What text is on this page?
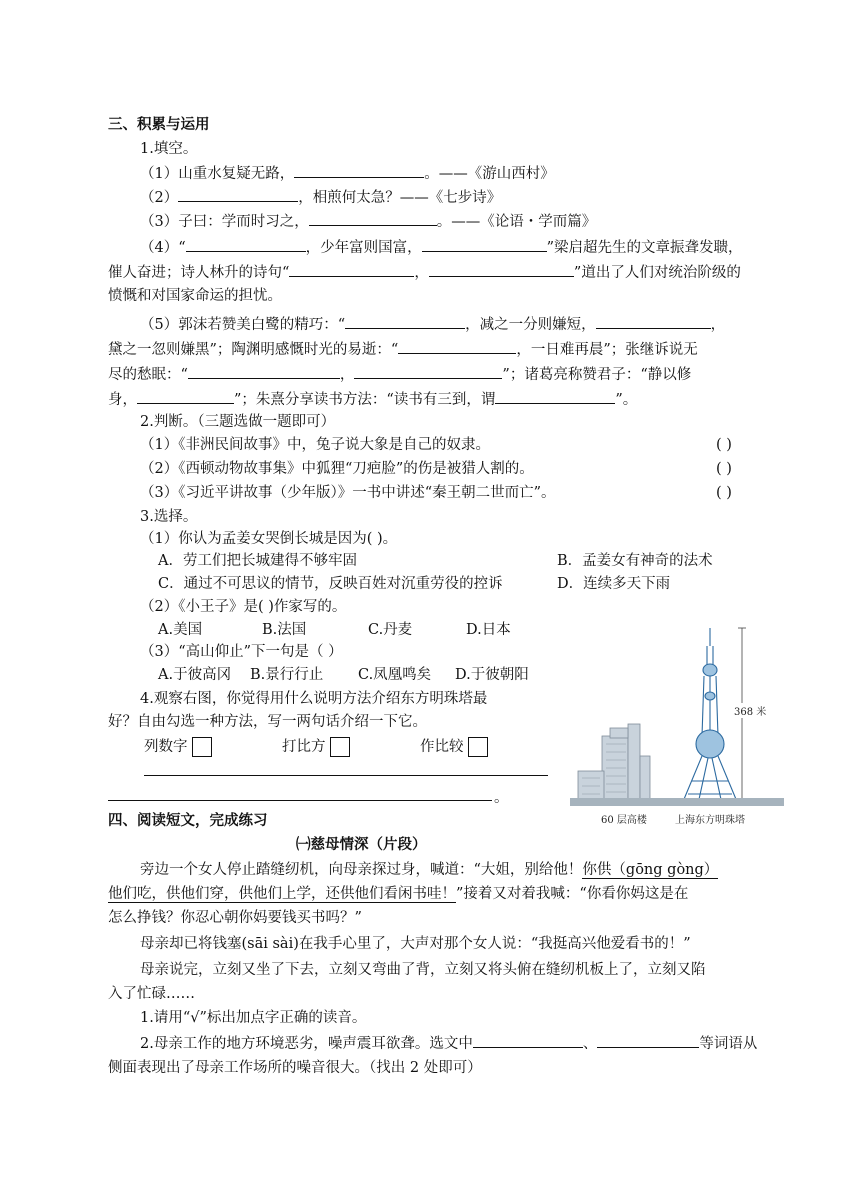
三、积累与运用
1.填空。
（1）山重水复疑无路，	。——《游山西村》
（2）	，相煎何太急？——《七步诗》
（3）子曰：学而时习之，	。——《论语・学而篇》
（4）“	，少年富则国富，	”梁启超先生的文章振聋发聩，
催人奋进；诗人林升的诗句“	，	”道出了人们对统治阶级的
愤慨和对国家命运的担忧。
（5）郭沫若赞美白鹭的精巧：“	，减之一分则嫌短，	，
黛之一忽则嫌黑”；陶渊明感慨时光的易逝：“	，一日难再晨”；张继诉说无
尽的愁眠：“	，	”；诸葛亮称赞君子：“静以修
身，	”；朱熹分享读书方法：“读书有三到，谓	”。
2.判断。（三题选做一题即可）
（1）《非洲民间故事》中，兔子说大象是自己的奴隶。	( )
（2）《西顿动物故事集》中狐狸“刀疤脸”的伤是被猎人割的。	( )
（3）《习近平讲故事（少年版）》一书中讲述“秦王朝二世而亡”。	( )
3.选择。
（1）你认为孟姜女哭倒长城是因为( )。
A．劳工们把长城建得不够牢固	B．孟姜女有神奇的法术
C．通过不可思议的情节，反映百姓对沉重劳役的控诉	D．连续多天下雨
（2）《小王子》是( )作家写的。
A.美国	B.法国	C.丹麦	D.日本
（3）“高山仰止”下一句是（ ）
A.于彼高冈 B.景行行止 C.凤凰鸣矣 D.于彼朝阳
4.观察右图，你觉得用什么说明方法介绍东方明珠塔最
好？自由勾选一种方法，写一两句话介绍一下它。
列数字	打比方	作比较
。
368 米
60 层高楼	上海东方明珠塔
四、阅读短文，完成练习
㈠慈母情深（片段）
旁边一个女人停止踏缝纫机，向母亲探过身，喊道：“大姐，别给他！你供（gōng gòng）
他们吃，供他们穿，供他们上学，还供他们看闲书哇！”接着又对着我喊：“你看你妈这是在
怎么挣钱？你忍心朝你妈要钱买书吗？”
母亲却已将钱塞(sāi sài)在我手心里了，大声对那个女人说：“我挺高兴他爱看书的！”
母亲说完，立刻又坐了下去，立刻又弯曲了背，立刻又将头俯在缝纫机板上了，立刻又陷
入了忙碌……
1.请用“√”标出加点字正确的读音。
2.母亲工作的地方环境恶劣，噪声震耳欲聋。选文中	、	等词语从
侧面表现出了母亲工作场所的噪音很大。（找出 2 处即可）
